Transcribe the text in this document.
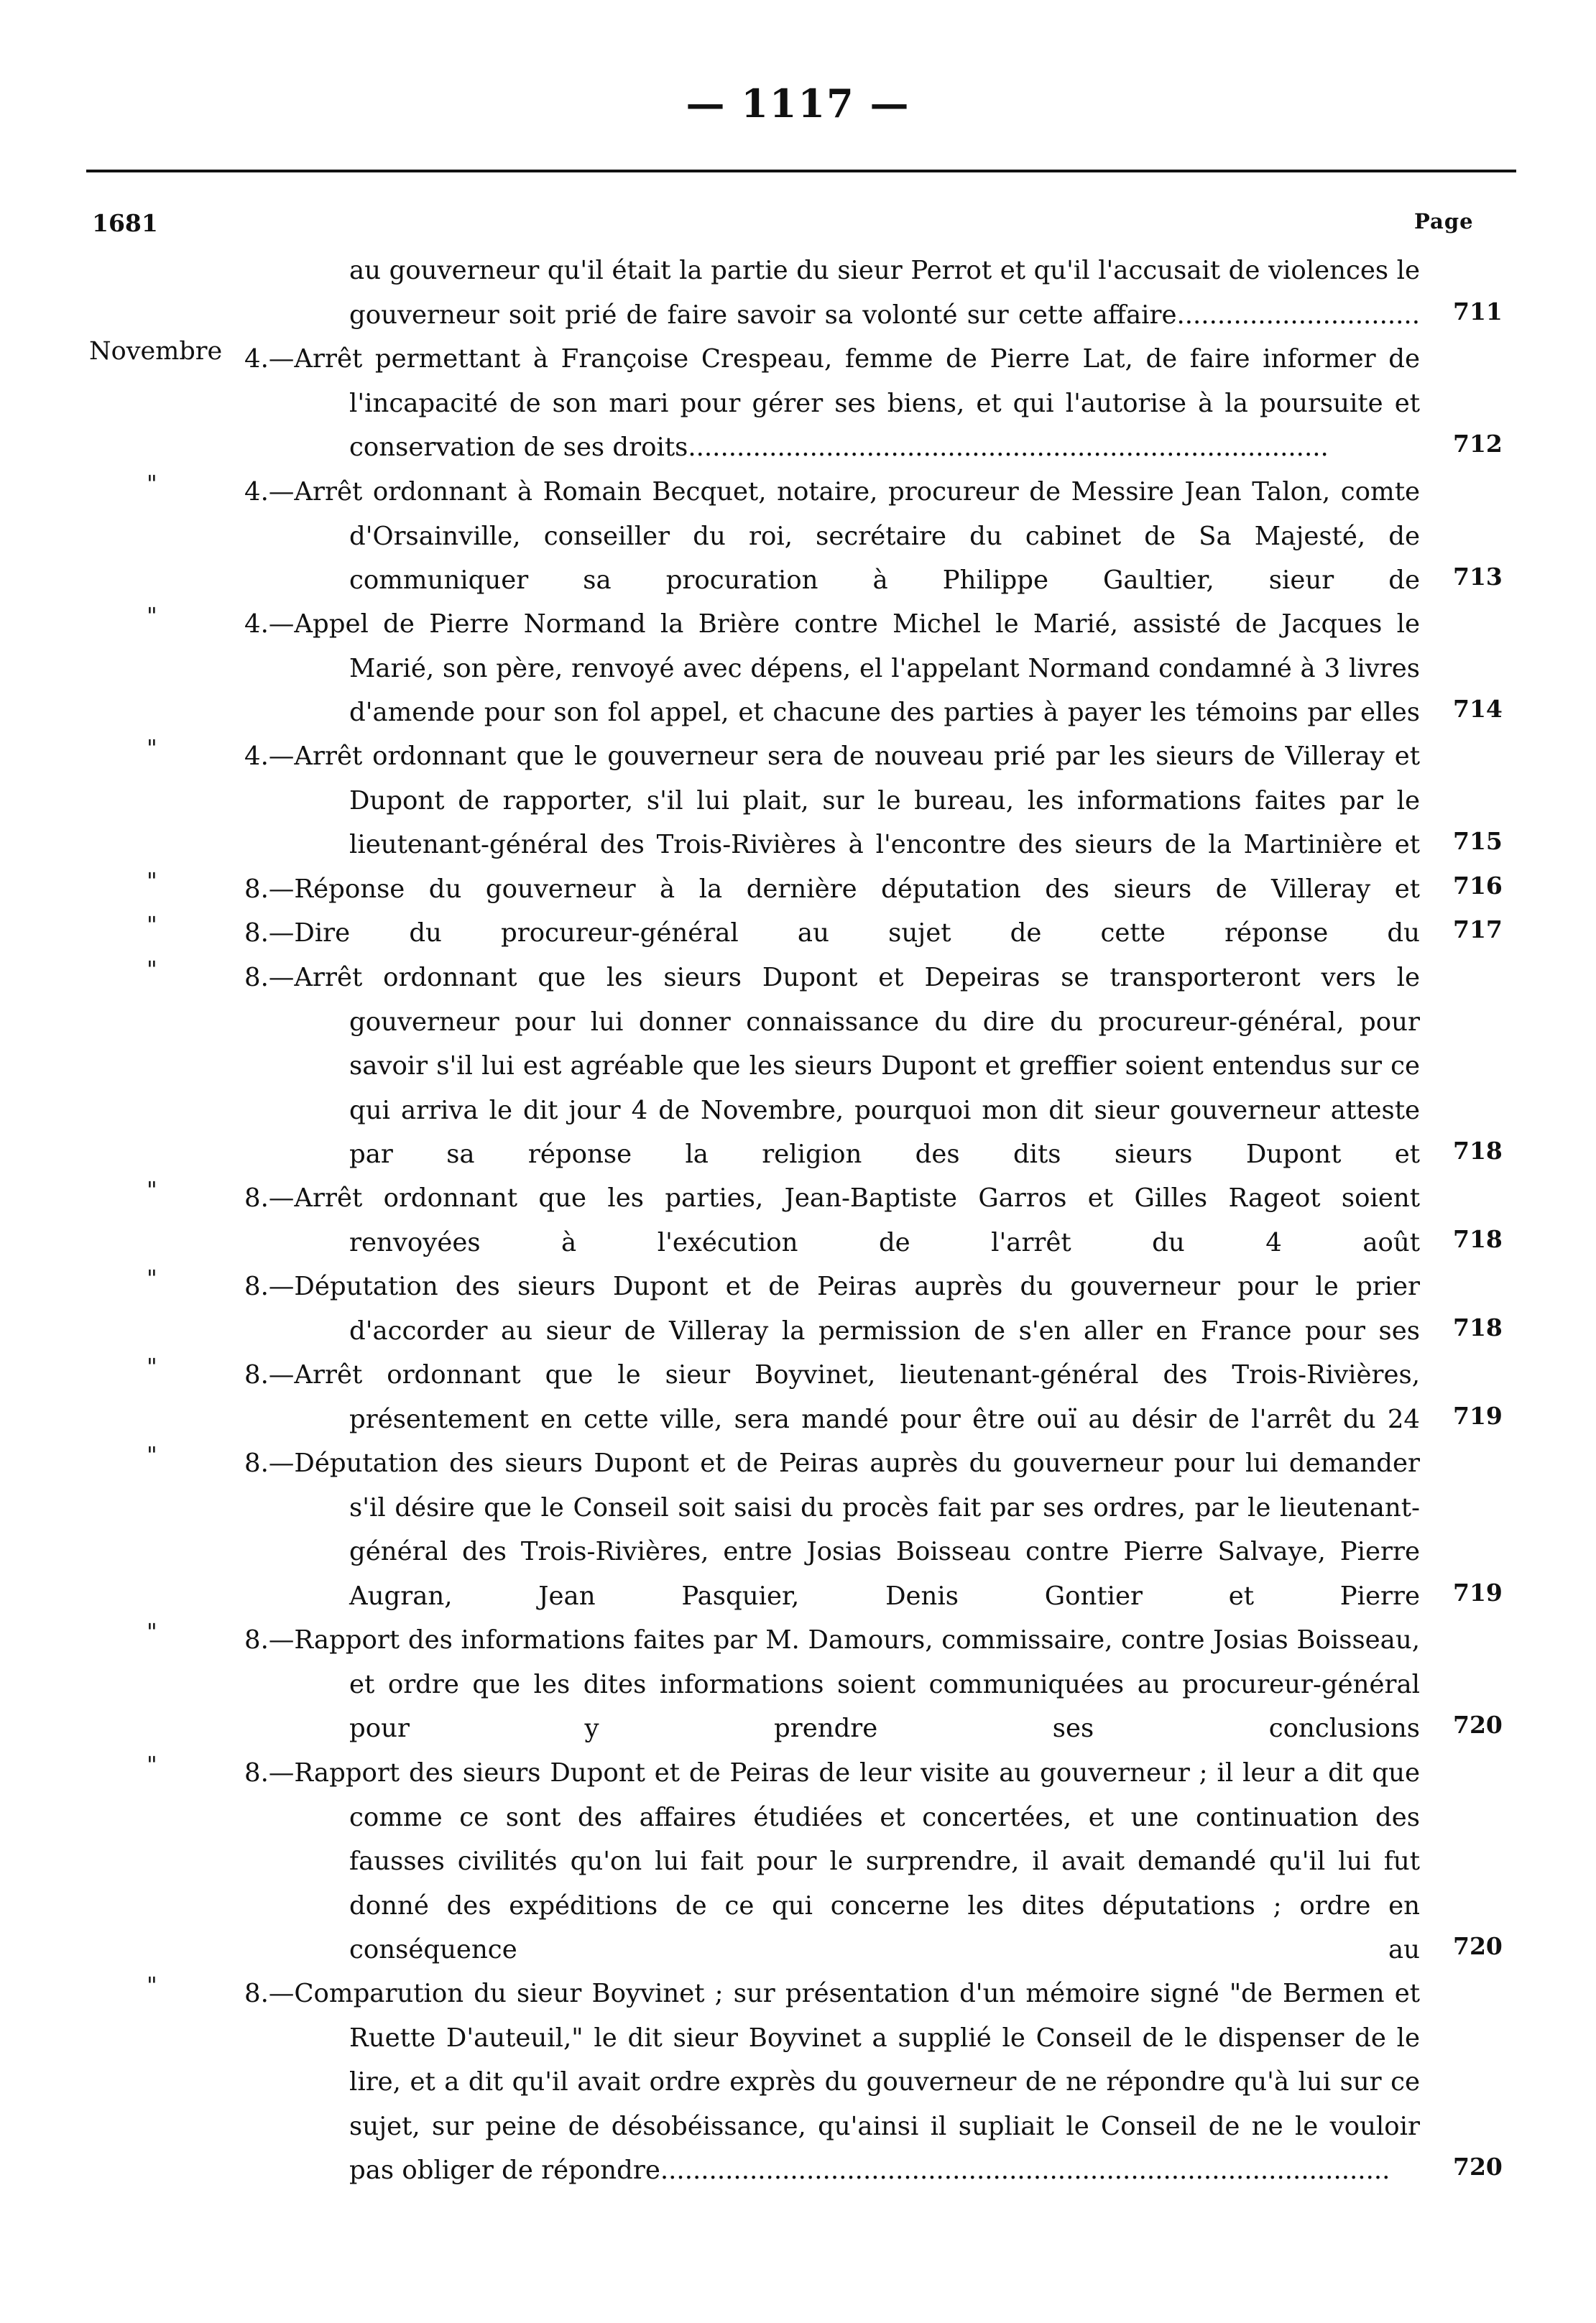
— 1117 —
1681	Page
au gouverneur qu'il était la partie du sieur Perrot et qu'il l'accusait de violences le gouverneur soit prié de faire savoir sa volonté sur cette affaire.............................. 711
Novembre 4.—Arrêt permettant à Françoise Crespeau, femme de Pierre Lat, de faire informer de l'incapacité de son mari pour gérer ses biens, et qui l'autorise à la poursuite et conservation de ses droits...............................................................................	712
"	4.—Arrêt ordonnant à Romain Becquet, notaire, procureur de Messire Jean Talon, comte d'Orsainville, conseiller du roi, secrétaire du cabinet de Sa Majesté, de communiquer sa procuration à Philippe Gaultier, sieur de 713
"	4.—Appel de Pierre Normand la Brière contre Michel le Marié, assisté de Jacques le Marié, son père, renvoyé avec dépens, el l'appelant Normand condamné à 3 livres d'amende pour son fol appel, et chacune des parties à payer les témoins par elles 714
"	4.—Arrêt ordonnant que le gouverneur sera de nouveau prié par les sieurs de Villeray et Dupont de rapporter, s'il lui plait, sur le bureau, les informations faites par le lieutenant-général des Trois-Rivières à l'encontre des sieurs de la Martinière et 715
"	8.—Réponse du gouverneur à la dernière députation des sieurs de Villeray et 716
"	8.—Dire du procureur-général au sujet de cette réponse du 717
"	8.—Arrêt ordonnant que les sieurs Dupont et Depeiras se transporteront vers le gouverneur pour lui donner connaissance du dire du procureur-général, pour savoir s'il lui est agréable que les sieurs Dupont et greffier soient entendus sur ce qui arriva le dit jour 4 de Novembre, pourquoi mon dit sieur gouverneur atteste par sa réponse la religion des dits sieurs Dupont et 718
"	8.—Arrêt ordonnant que les parties, Jean-Baptiste Garros et Gilles Rageot soient renvoyées à l'exécution de l'arrêt du 4 août 718
"	8.—Députation des sieurs Dupont et de Peiras auprès du gouverneur pour le prier d'accorder au sieur de Villeray la permission de s'en aller en France pour ses 718
"	8.—Arrêt ordonnant que le sieur Boyvinet, lieutenant-général des Trois-Rivières, présentement en cette ville, sera mandé pour être ouï au désir de l'arrêt du 24 719
"	8.—Députation des sieurs Dupont et de Peiras auprès du gouverneur pour lui demander s'il désire que le Conseil soit saisi du procès fait par ses ordres, par le lieutenant-général des Trois-Rivières, entre Josias Boisseau contre Pierre Salvaye, Pierre Augran, Jean Pasquier, Denis Gontier et Pierre 719
"	8.—Rapport des informations faites par M. Damours, commissaire, contre Josias Boisseau, et ordre que les dites informations soient communiquées au procureur-général pour y prendre ses conclusions 720
"	8.—Rapport des sieurs Dupont et de Peiras de leur visite au gouverneur ; il leur a dit que comme ce sont des affaires étudiées et concertées, et une continuation des fausses civilités qu'on lui fait pour le surprendre, il avait demandé qu'il lui fut donné des expéditions de ce qui concerne les dites députations ; ordre en conséquence au 720
"	8.—Comparution du sieur Boyvinet ; sur présentation d'un mémoire signé "de Bermen et Ruette D'auteuil," le dit sieur Boyvinet a supplié le Conseil de le dispenser de le lire, et a dit qu'il avait ordre exprès du gouverneur de ne répondre qu'à lui sur ce sujet, sur peine de désobéissance, qu'ainsi il supliait le Conseil de ne le vouloir pas obliger de répondre..........................................................................................	720
